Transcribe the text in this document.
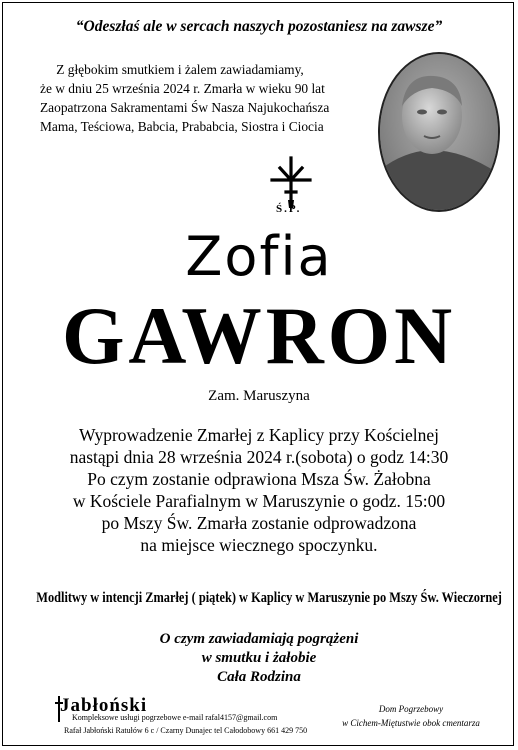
“Odeszłaś ale w sercach naszych pozostaniesz na zawsze”
Z głębokim smutkiem i żalem zawiadamiamy,
że w dniu 25 września 2024 r. Zmarła w wieku 90 lat
Zaopatrzona Sakramentami Św Nasza Najukochańsza
Mama, Teściowa, Babcia, Prababcia, Siostra i Ciocia
Ś.P.
Zofia
GAWRON
Zam. Maruszyna
Wyprowadzenie Zmarłej z Kaplicy przy Kościelnej
nastąpi dnia 28 września 2024 r.(sobota) o godz 14:30
Po czym zostanie odprawiona Msza Św. Żałobna
w Kościele Parafialnym w Maruszynie o godz. 15:00
po Mszy Św. Zmarła zostanie odprowadzona
na miejsce wiecznego spoczynku.
Modlitwy w intencji Zmarłej ( piątek) w Kaplicy w Maruszynie po Mszy Św. Wieczornej
O czym zawiadamiają pogrążeni
w smutku i żałobie
Cała Rodzina
Jabłoński
Kompleksowe usługi pogrzebowe e-mail rafal4157@gmail.com
Rafał Jabłoński Ratułów 6 c / Czarny Dunajec tel Całodobowy 661 429 750
Dom Pogrzebowy
w Cichem-Miętustwie obok cmentarza
